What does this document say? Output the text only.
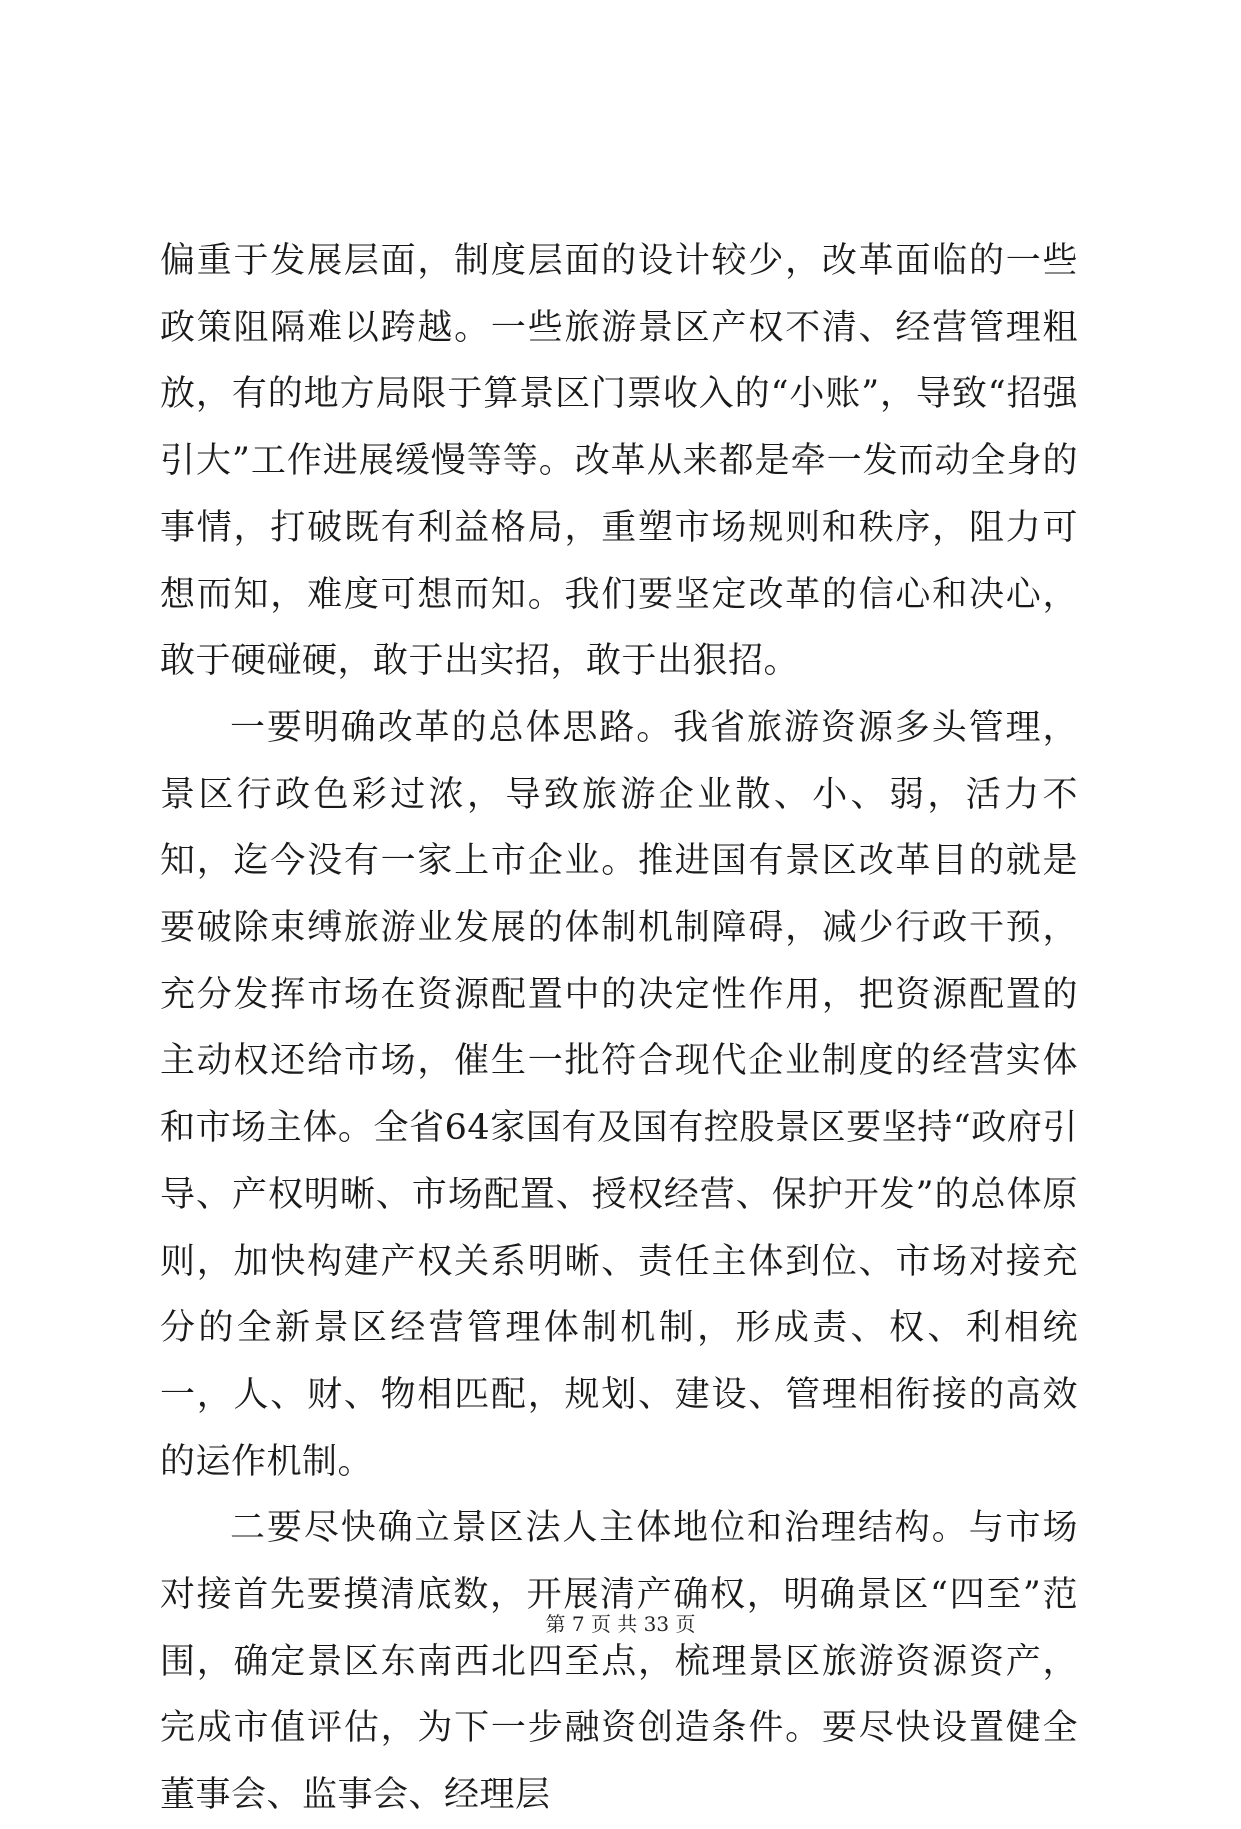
偏重于发展层面，制度层面的设计较少，改革面临的一些政策阻隔难以跨越。一些旅游景区产权不清、经营管理粗放，有的地方局限于算景区门票收入的“小账”，导致“招强引大”工作进展缓慢等等。改革从来都是牵一发而动全身的事情，打破既有利益格局，重塑市场规则和秩序，阻力可想而知，难度可想而知。我们要坚定改革的信心和决心，敢于硬碰硬，敢于出实招，敢于出狠招。

一要明确改革的总体思路。我省旅游资源多头管理，景区行政色彩过浓，导致旅游企业散、小、弱，活力不知，迄今没有一家上市企业。推进国有景区改革目的就是要破除束缚旅游业发展的体制机制障碍，减少行政干预，充分发挥市场在资源配置中的决定性作用，把资源配置的主动权还给市场，催生一批符合现代企业制度的经营实体和市场主体。全省64家国有及国有控股景区要坚持“政府引导、产权明晰、市场配置、授权经营、保护开发”的总体原则，加快构建产权关系明晰、责任主体到位、市场对接充分的全新景区经营管理体制机制，形成责、权、利相统一，人、财、物相匹配，规划、建设、管理相衔接的高效的运作机制。

二要尽快确立景区法人主体地位和治理结构。与市场对接首先要摸清底数，开展清产确权，明确景区“四至”范围，确定景区东南西北四至点，梳理景区旅游资源资产，完成市值评估，为下一步融资创造条件。要尽快设置健全董事会、监事会、经理层

第 7 页 共 33 页
